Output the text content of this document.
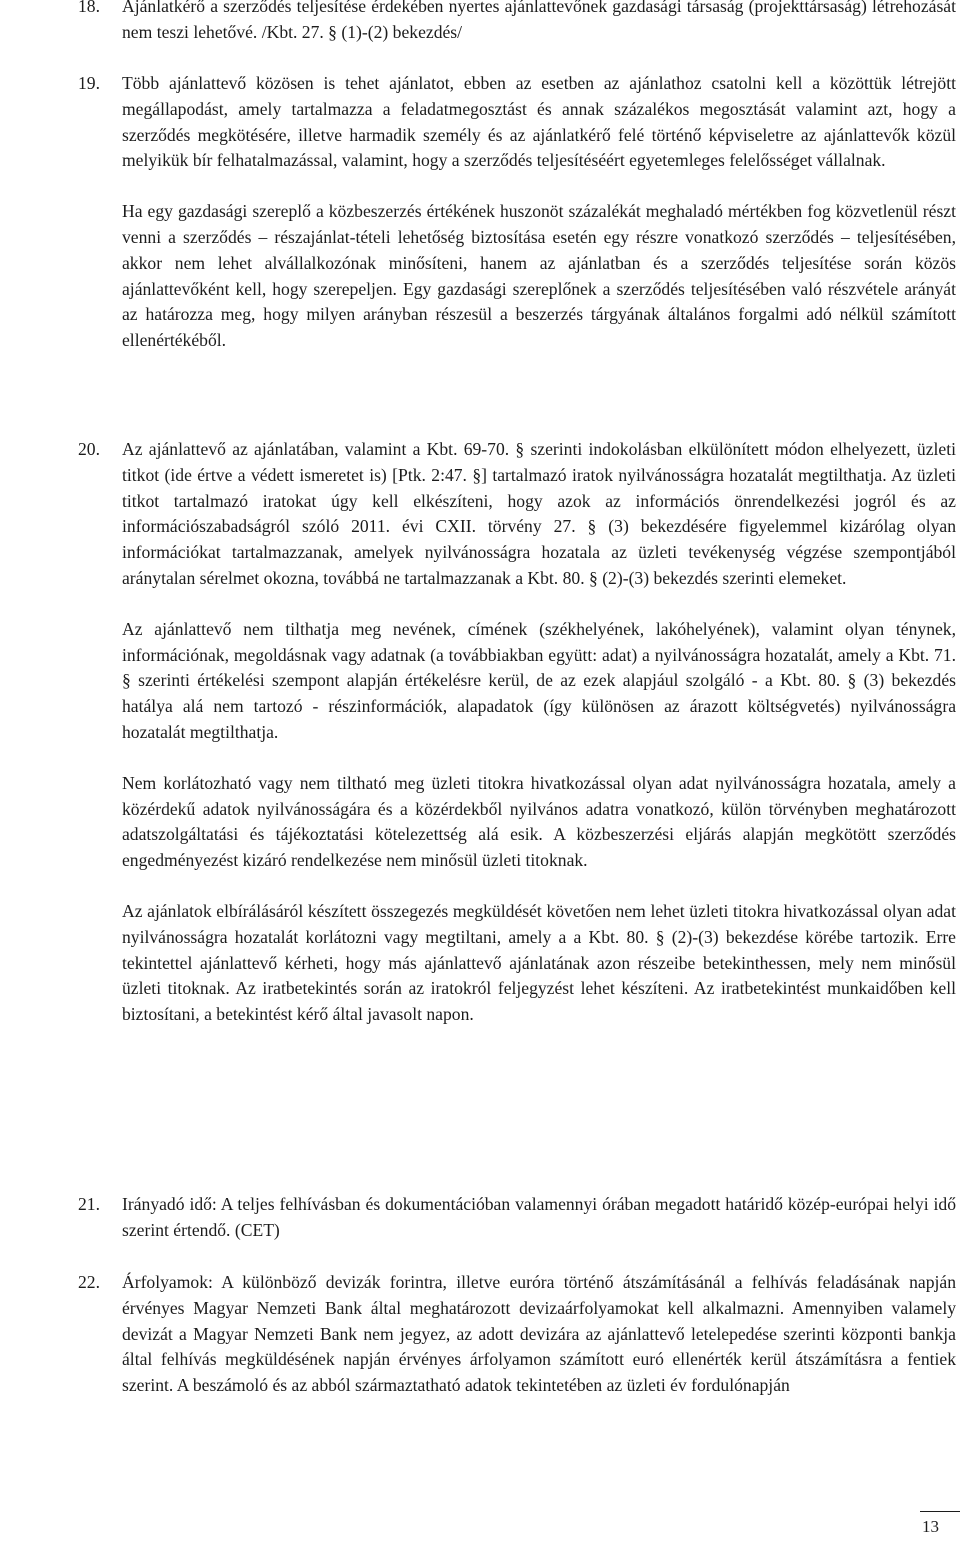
18.	Ajánlatkérő a szerződés teljesítése érdekében nyertes ajánlattevőnek gazdasági társaság (projekttársaság) létrehozását nem teszi lehetővé. /Kbt. 27. § (1)-(2) bekezdés/

19.	Több ajánlattevő közösen is tehet ajánlatot, ebben az esetben az ajánlathoz csatolni kell a közöttük létrejött megállapodást, amely tartalmazza a feladatmegosztást és annak százalékos megosztását valamint azt, hogy a szerződés megkötésére, illetve harmadik személy és az ajánlatkérő felé történő képviseletre az ajánlattevők közül melyikük bír felhatalmazással, valamint, hogy a szerződés teljesítéséért egyetemleges felelősséget vállalnak.

Ha egy gazdasági szereplő a közbeszerzés értékének huszonöt százalékát meghaladó mértékben fog közvetlenül részt venni a szerződés – részajánlat-tételi lehetőség biztosítása esetén egy részre vonatkozó szerződés – teljesítésében, akkor nem lehet alvállalkozónak minősíteni, hanem az ajánlatban és a szerződés teljesítése során közös ajánlattevőként kell, hogy szerepeljen. Egy gazdasági szereplőnek a szerződés teljesítésében való részvétele arányát az határozza meg, hogy milyen arányban részesül a beszerzés tárgyának általános forgalmi adó nélkül számított ellenértékéből.

20.	Az ajánlattevő az ajánlatában, valamint a Kbt. 69-70. § szerinti indokolásban elkülönített módon elhelyezett, üzleti titkot (ide értve a védett ismeretet is) [Ptk. 2:47. §] tartalmazó iratok nyilvánosságra hozatalát megtilthatja. Az üzleti titkot tartalmazó iratokat úgy kell elkészíteni, hogy azok az információs önrendelkezési jogról és az információszabadságról szóló 2011. évi CXII. törvény 27. § (3) bekezdésére figyelemmel kizárólag olyan információkat tartalmazzanak, amelyek nyilvánosságra hozatala az üzleti tevékenység végzése szempontjából aránytalan sérelmet okozna, továbbá ne tartalmazzanak a Kbt. 80. § (2)-(3) bekezdés szerinti elemeket.

Az ajánlattevő nem tilthatja meg nevének, címének (székhelyének, lakóhelyének), valamint olyan ténynek, információnak, megoldásnak vagy adatnak (a továbbiakban együtt: adat) a nyilvánosságra hozatalát, amely a Kbt. 71. § szerinti értékelési szempont alapján értékelésre kerül, de az ezek alapjául szolgáló - a Kbt. 80. § (3) bekezdés hatálya alá nem tartozó - részinformációk, alapadatok (így különösen az árazott költségvetés) nyilvánosságra hozatalát megtilthatja.

Nem korlátozható vagy nem tiltható meg üzleti titokra hivatkozással olyan adat nyilvánosságra hozatala, amely a közérdekű adatok nyilvánosságára és a közérdekből nyilvános adatra vonatkozó, külön törvényben meghatározott adatszolgáltatási és tájékoztatási kötelezettség alá esik. A közbeszerzési eljárás alapján megkötött szerződés engedményezést kizáró rendelkezése nem minősül üzleti titoknak.

Az ajánlatok elbírálásáról készített összegezés megküldését követően nem lehet üzleti titokra hivatkozással olyan adat nyilvánosságra hozatalát korlátozni vagy megtiltani, amely a a Kbt. 80. § (2)-(3) bekezdése körébe tartozik. Erre tekintettel ajánlattevő kérheti, hogy más ajánlattevő ajánlatának azon részeibe betekinthessen, mely nem minősül üzleti titoknak. Az iratbetekintés során az iratokról feljegyzést lehet készíteni. Az iratbetekintést munkaidőben kell biztosítani, a betekintést kérő által javasolt napon.

21.	Irányadó idő: A teljes felhívásban és dokumentációban valamennyi órában megadott határidő közép-európai helyi idő szerint értendő. (CET)

22.	Árfolyamok: A különböző devizák forintra, illetve euróra történő átszámításánál a felhívás feladásának napján érvényes Magyar Nemzeti Bank által meghatározott devizaárfolyamokat kell alkalmazni. Amennyiben valamely devizát a Magyar Nemzeti Bank nem jegyez, az adott devizára az ajánlattevő letelepedése szerinti központi bankja által felhívás megküldésének napján érvényes árfolyamon számított euró ellenérték kerül átszámításra a fentiek szerint. A beszámoló és az abból származtatható adatok tekintetében az üzleti év fordulónapján

13
